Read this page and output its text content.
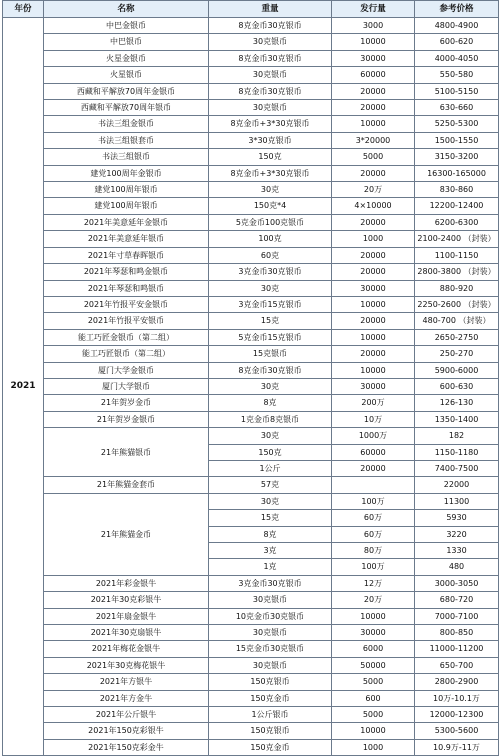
年份	名称	重量	发行量	参考价格
2021	中巴金银币	8克金币30克银币	3000	4800-4900
	中巴银币	30克银币	10000	600-620
	火星金银币	8克金币30克银币	30000	4000-4050
	火星银币	30克银币	60000	550-580
	西藏和平解放70周年金银币	8克金币30克银币	20000	5100-5150
	西藏和平解放70周年银币	30克银币	20000	630-660
	书法三组金银币	8克金币+3*30克银币	10000	5250-5300
	书法三组银套币	3*30克银币	3*20000	1500-1550
	书法三组银币	150克	5000	3150-3200
	建党100周年金银币	8克金币+3*30克银币	20000	16300-165000
	建党100周年银币	30克	20万	830-860
	建党100周年银币	150克*4	4×10000	12200-12400
	2021年美意延年金银币	5克金币100克银币	20000	6200-6300
	2021年美意延年银币	100克	1000	2100-2400 （封装）
	2021年寸草春晖银币	60克	20000	1100-1150
	2021年琴瑟和鸣金银币	3克金币30克银币	20000	2800-3800 （封装）
	2021年琴瑟和鸣银币	30克	30000	880-920
	2021年竹报平安金银币	3克金币15克银币	10000	2250-2600 （封装）
	2021年竹报平安银币	15克	20000	480-700 （封装）
	能工巧匠金银币（第二组）	5克金币15克银币	10000	2650-2750
	能工巧匠银币（第二组）	15克银币	20000	250-270
	厦门大学金银币	8克金币30克银币	10000	5900-6000
	厦门大学银币	30克	30000	600-630
	21年贺岁金币	8克	200万	126-130
	21年贺岁金银币	1克金币8克银币	10万	1350-1400
	21年熊猫银币	30克	1000万	182
		150克	60000	1150-1180
		1公斤	20000	7400-7500
	21年熊猫金套币	57克		22000
	21年熊猫金币	30克	100万	11300
		15克	60万	5930
		8克	60万	3220
		3克	80万	1330
		1克	100万	480
	2021年彩金银牛	3克金币30克银币	12万	3000-3050
	2021年30克彩银牛	30克银币	20万	680-720
	2021年扇金银牛	10克金币30克银币	10000	7000-7100
	2021年30克扇银牛	30克银币	30000	800-850
	2021年梅花金银牛	15克金币30克银币	6000	11000-11200
	2021年30克梅花银牛	30克银币	50000	650-700
	2021年方银牛	150克银币	5000	2800-2900
	2021年方金牛	150克金币	600	10万-10.1万
	2021年公斤银牛	1公斤银币	5000	12000-12300
	2021年150克彩银牛	150克银币	10000	5300-5600
	2021年150克彩金牛	150克金币	1000	10.9万-11万
